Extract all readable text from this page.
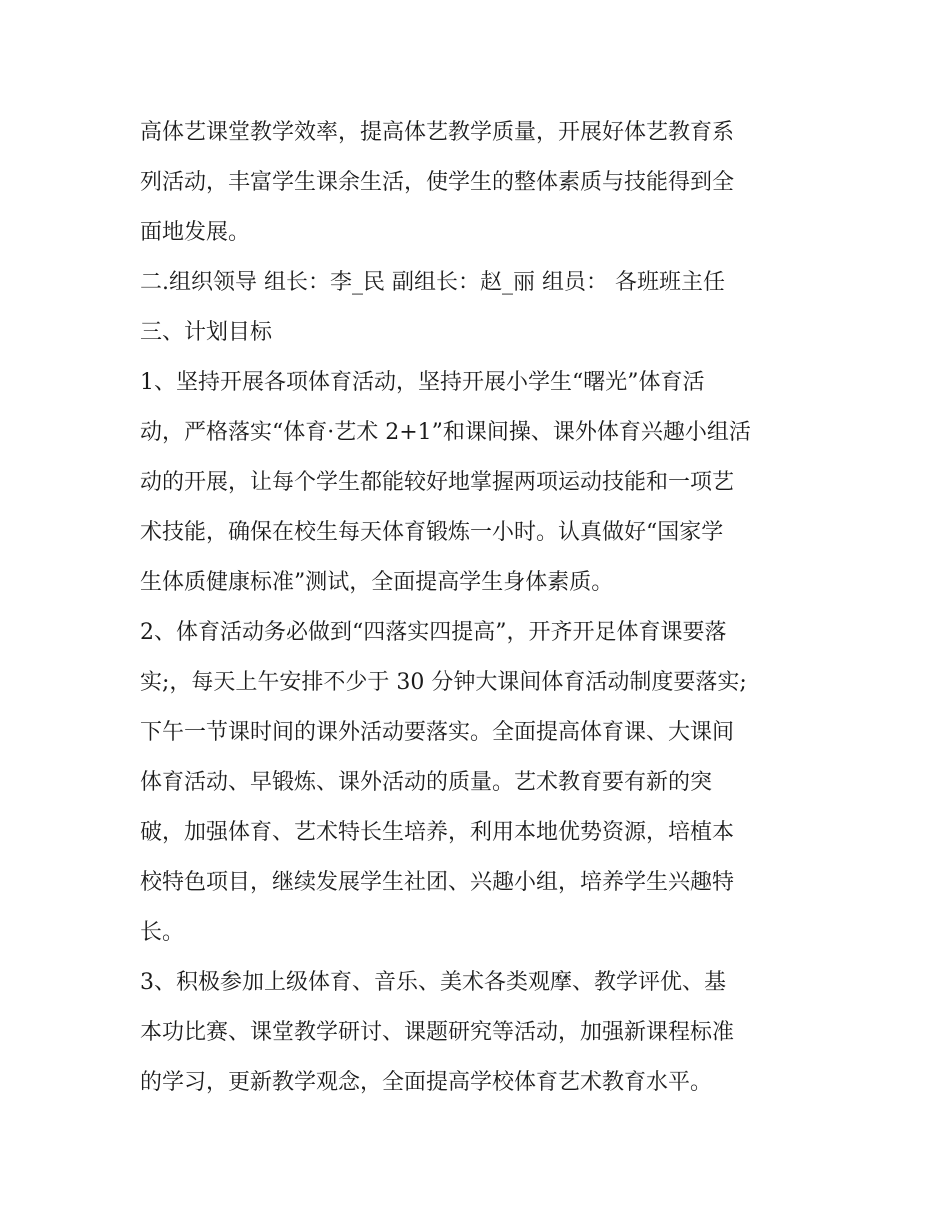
高体艺课堂教学效率，提高体艺教学质量，开展好体艺教育系
列活动，丰富学生课余生活，使学生的整体素质与技能得到全
面地发展。
二.组织领导 组长：李_民 副组长：赵_丽 组员： 各班班主任
三、计划目标
1、坚持开展各项体育活动，坚持开展小学生“曙光”体育活
动，严格落实“体育·艺术 2+1”和课间操、课外体育兴趣小组活
动的开展，让每个学生都能较好地掌握两项运动技能和一项艺
术技能，确保在校生每天体育锻炼一小时。认真做好“国家学
生体质健康标准”测试，全面提高学生身体素质。
2、体育活动务必做到“四落实四提高”，开齐开足体育课要落
实;，每天上午安排不少于 30 分钟大课间体育活动制度要落实;
下午一节课时间的课外活动要落实。全面提高体育课、大课间
体育活动、早锻炼、课外活动的质量。艺术教育要有新的突
破，加强体育、艺术特长生培养，利用本地优势资源，培植本
校特色项目，继续发展学生社团、兴趣小组，培养学生兴趣特
长。
3、积极参加上级体育、音乐、美术各类观摩、教学评优、基
本功比赛、课堂教学研讨、课题研究等活动，加强新课程标准
的学习，更新教学观念，全面提高学校体育艺术教育水平。
